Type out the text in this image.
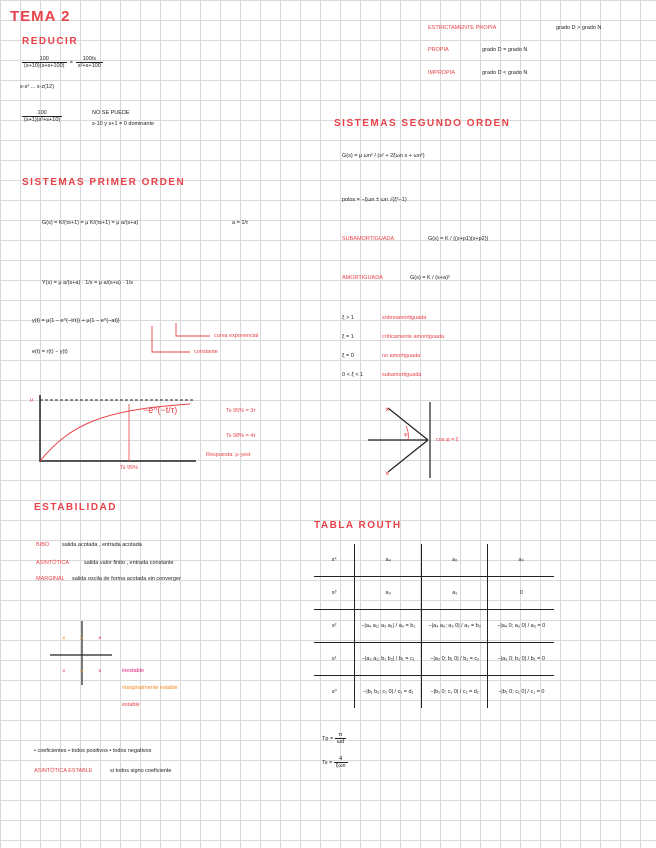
TEMA 2
REDUCIR
$\frac{100}{(s+10)(s+s+100)} = \frac{100/s}{\text{s²+s+100}}$
s-s² ... s-z(12)
$\frac{100}{\text{(s+1)(s²+s+10)}}$	NO SE PUEDE
s-10 y s+1 = 0 dominante
ESTRICTAMENTE PROPIA	grado D > grado N
PROPIA	grado D = grado N
IMPROPIA	grado D < grado N
SISTEMAS SEGUNDO ORDEN
G(s) = μ ωn² / (s² + 2ξωn s + ωn²)
polos = −ξωn ± ωn √(ξ²−1)
SUBAMORTIGUADA	G(s) = K / ((s+p1)(s+p2))
AMORTIGUADA	G(s) = K / (s+a)²
ξ > 1	sobreamortiguada
ξ = 1	críticamente amortiguada
ξ = 0	no amortiguada
0 < ξ < 1	subamortiguada
×
×
φ
cos φ = ξ
SISTEMAS PRIMER ORDEN
G(s) = K/(τs+1) = μ K/(τs+1) = μ a/(s+a)	a = 1/τ
Y(s) = μ a/(s+a) · 1/s = μ a/(s+a) · 1/s
y(t) = μ(1 − e^(−t/τ)) + μ(1 − e^(−at))
e(t) = r(t) − y(t)
curva exponencial
constante
μ
−e^(−t/τ)
Ts 95%
Ts 95% = 3τ
Ts 98% = 4τ
Respuesta: μ·yest
ESTABILIDAD
BIBO salida acotada , entrada acotada
ASINTÓTICA	salida valor finito , entrada constante
MARGINAL salida oscila de forma acotada sin converger
× × ×
× × ×	inestable
marginalmente estable
estable
• coeficientes • todos positivos • todos negativos
ASINTÓTICA ESTABLE	si todos signo coeficiente
TABLA ROUTH
s⁴	a₄	a₂	a₀
s³	a₃	a₁	0
s²	−|a₄ a₂; a₃ a₁| / a₃ = b₁	−|a₄ a₀; a₃ 0| / a₃ = b₂	−|a₄ 0; a₃ 0| / a₃ = 0
s¹	−|a₃ a₁; b₁ b₂| / b₁ = c₁	−|a₃ 0; b₁ 0| / b₁ = c₂	−|a₃ 0; b₁ 0| / b₁ = 0
s⁰	−|b₁ b₂; c₁ 0| / c₁ = d₁	−|b₁ 0; c₁ 0| / c₁ = d₂	−|b₁ 0; c₁ 0| / c₁ = 0
$Tp = \frac{\pi}{\omega d}$
$Ts = \frac{4}{\text{ξωn}}$
